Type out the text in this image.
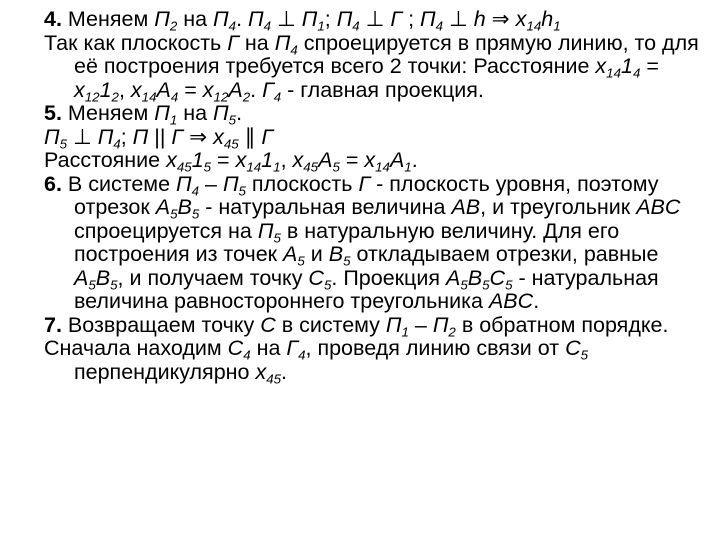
4. Меняем $П_2$ на $П_4$. $П_4$ ⊥ $П_1$; $П_4$ ⊥ Г ; $П_4$ ⊥ h ⇒ $x_{14}h_1$

Так как плоскость Г на $П_4$ спроецируется в прямую линию, то для её построения требуется всего 2 точки: Расстояние $x_{14}1_4 = x_{12}1_2$, $x_{14}A_4 = x_{12}A_2$. $Г_4$ - главная проекция.

5. Меняем $П_1$ на $П_5$.

$П_5$ ⊥ $П_4$; П || Г ⇒ $x_{45}$ ∥ Г

Расстояние $x_{45}1_5 = x_{14}1_1$, $x_{45}A_5 = x_{14}A_1$.

6. В системе $П_4 - П_5$ плоскость Г - плоскость уровня, поэтому отрезок $A_5B_5$ - натуральная величина AB, и треугольник ABC спроецируется на $П_5$ в натуральную величину. Для его построения из точек $A_5$ и $B_5$ откладываем отрезки, равные $A_5B_5$, и получаем точку $C_5$. Проекция $A_5B_5C_5$ - натуральная величина равностороннего треугольника ABC.

7. Возвращаем точку C в систему $П_1 - П_2$ в обратном порядке.

Сначала находим $C_4$ на $Г_4$, проведя линию связи от $C_5$ перпендикулярно $x_{45}$.
